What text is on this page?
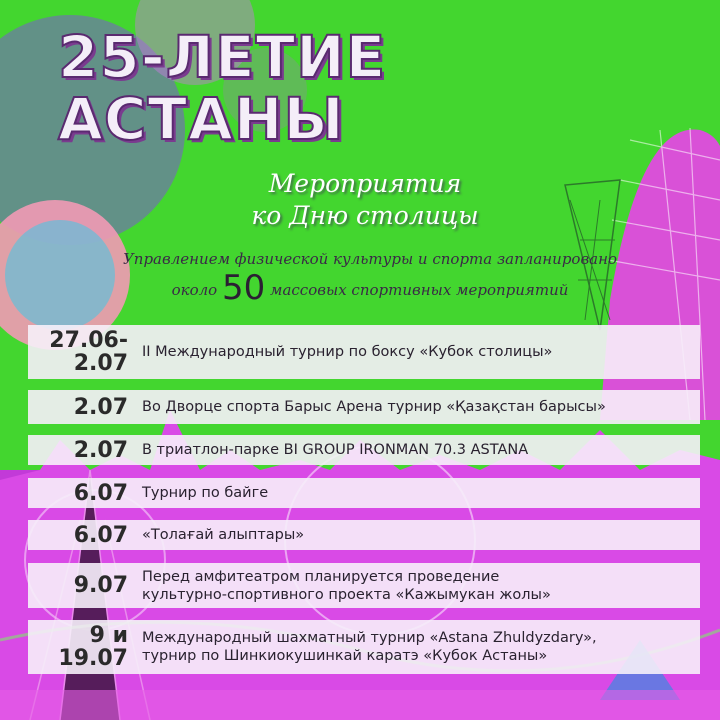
25-ЛЕТИЕ
АСТАНЫ
Мероприятия
ко Дню столицы
Управлением физической культуры и спорта запланировано
около 50 массовых спортивных мероприятий
27.06-
2.07 II Международный турнир по боксу «Кубок столицы»
2.07 Во Дворце спорта Барыс Арена турнир «Қазақстан барысы»
2.07 В триатлон-парке BI GROUP IRONMAN 70.3 ASTANA
6.07 Турнир по байге
6.07 «Толағай алыптары»
9.07 Перед амфитеатром планируется проведение
культурно-спортивного проекта «Кажымукан жолы»
9 и
19.07
Международный шахматный турнир «Astana Zhuldyzdary»,
турнир по Шинкиокушинкай каратэ «Кубок Астаны»
